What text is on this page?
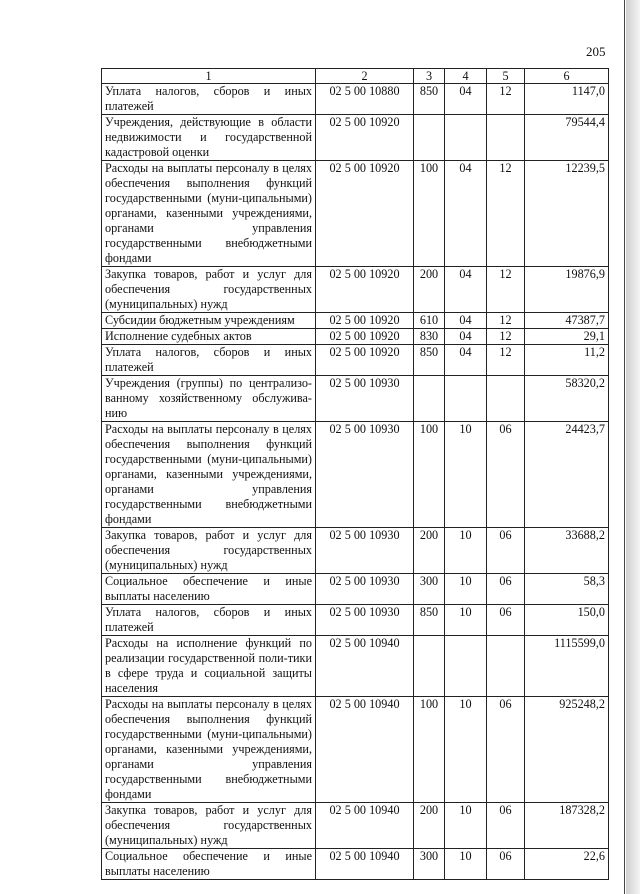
205
1	2	3	4	5	6
Уплата налогов, сборов и иных платежей	02 5 00 10880	850	04	12	1147,0
Учреждения, действующие в области недвижимости и государственной кадастровой оценки	02 5 00 10920				79544,4
Расходы на выплаты персоналу в целях обеспечения выполнения функций государственными (муни-ципальными) органами, казенными учреждениями, органами управления государственными внебюджетными фондами	02 5 00 10920	100	04	12	12239,5
Закупка товаров, работ и услуг для обеспечения государственных (муниципальных) нужд	02 5 00 10920	200	04	12	19876,9
Субсидии бюджетным учреждениям	02 5 00 10920	610	04	12	47387,7
Исполнение судебных актов	02 5 00 10920	830	04	12	29,1
Уплата налогов, сборов и иных платежей	02 5 00 10920	850	04	12	11,2
Учреждения (группы) по централизо-ванному хозяйственному обслужива-нию	02 5 00 10930				58320,2
Расходы на выплаты персоналу в целях обеспечения выполнения функций государственными (муни-ципальными) органами, казенными учреждениями, органами управления государственными внебюджетными фондами	02 5 00 10930	100	10	06	24423,7
Закупка товаров, работ и услуг для обеспечения государственных (муниципальных) нужд	02 5 00 10930	200	10	06	33688,2
Социальное обеспечение и иные выплаты населению	02 5 00 10930	300	10	06	58,3
Уплата налогов, сборов и иных платежей	02 5 00 10930	850	10	06	150,0
Расходы на исполнение функций по реализации государственной поли-тики в сфере труда и социальной защиты населения	02 5 00 10940				1115599,0
Расходы на выплаты персоналу в целях обеспечения выполнения функций государственными (муни-ципальными) органами, казенными учреждениями, органами управления государственными внебюджетными фондами	02 5 00 10940	100	10	06	925248,2
Закупка товаров, работ и услуг для обеспечения государственных (муниципальных) нужд	02 5 00 10940	200	10	06	187328,2
Социальное обеспечение и иные выплаты населению	02 5 00 10940	300	10	06	22,6
